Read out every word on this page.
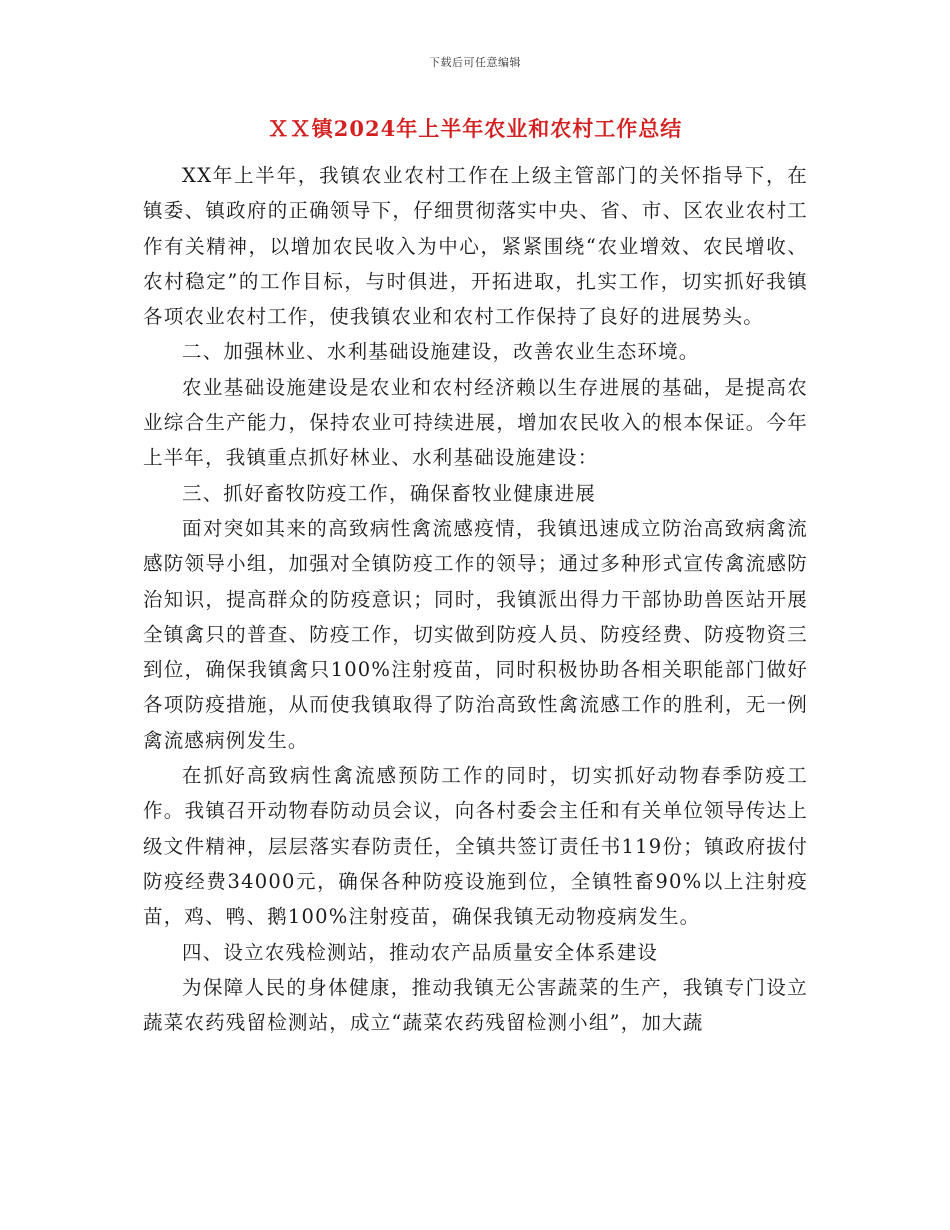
下载后可任意编辑
ＸＸ镇2024年上半年农业和农村工作总结

XX年上半年，我镇农业农村工作在上级主管部门的关怀指导下，在镇委、镇政府的正确领导下，仔细贯彻落实中央、省、市、区农业农村工作有关精神，以增加农民收入为中心，紧紧围绕“农业增效、农民增收、农村稳定”的工作目标，与时俱进，开拓进取，扎实工作，切实抓好我镇各项农业农村工作，使我镇农业和农村工作保持了良好的进展势头。

二、加强林业、水利基础设施建设，改善农业生态环境。

农业基础设施建设是农业和农村经济赖以生存进展的基础，是提高农业综合生产能力，保持农业可持续进展，增加农民收入的根本保证。今年上半年，我镇重点抓好林业、水利基础设施建设：

三、抓好畜牧防疫工作，确保畜牧业健康进展

面对突如其来的高致病性禽流感疫情，我镇迅速成立防治高致病禽流感防领导小组，加强对全镇防疫工作的领导；通过多种形式宣传禽流感防治知识，提高群众的防疫意识；同时，我镇派出得力干部协助兽医站开展全镇禽只的普查、防疫工作，切实做到防疫人员、防疫经费、防疫物资三到位，确保我镇禽只100%注射疫苗，同时积极协助各相关职能部门做好各项防疫措施，从而使我镇取得了防治高致性禽流感工作的胜利，无一例禽流感病例发生。

在抓好高致病性禽流感预防工作的同时，切实抓好动物春季防疫工作。我镇召开动物春防动员会议，向各村委会主任和有关单位领导传达上级文件精神，层层落实春防责任，全镇共签订责任书119份；镇政府拔付防疫经费34000元，确保各种防疫设施到位，全镇牲畜90%以上注射疫苗，鸡、鸭、鹅100%注射疫苗，确保我镇无动物疫病发生。

四、设立农残检测站，推动农产品质量安全体系建设

为保障人民的身体健康，推动我镇无公害蔬菜的生产，我镇专门设立蔬菜农药残留检测站，成立“蔬菜农药残留检测小组”，加大蔬
